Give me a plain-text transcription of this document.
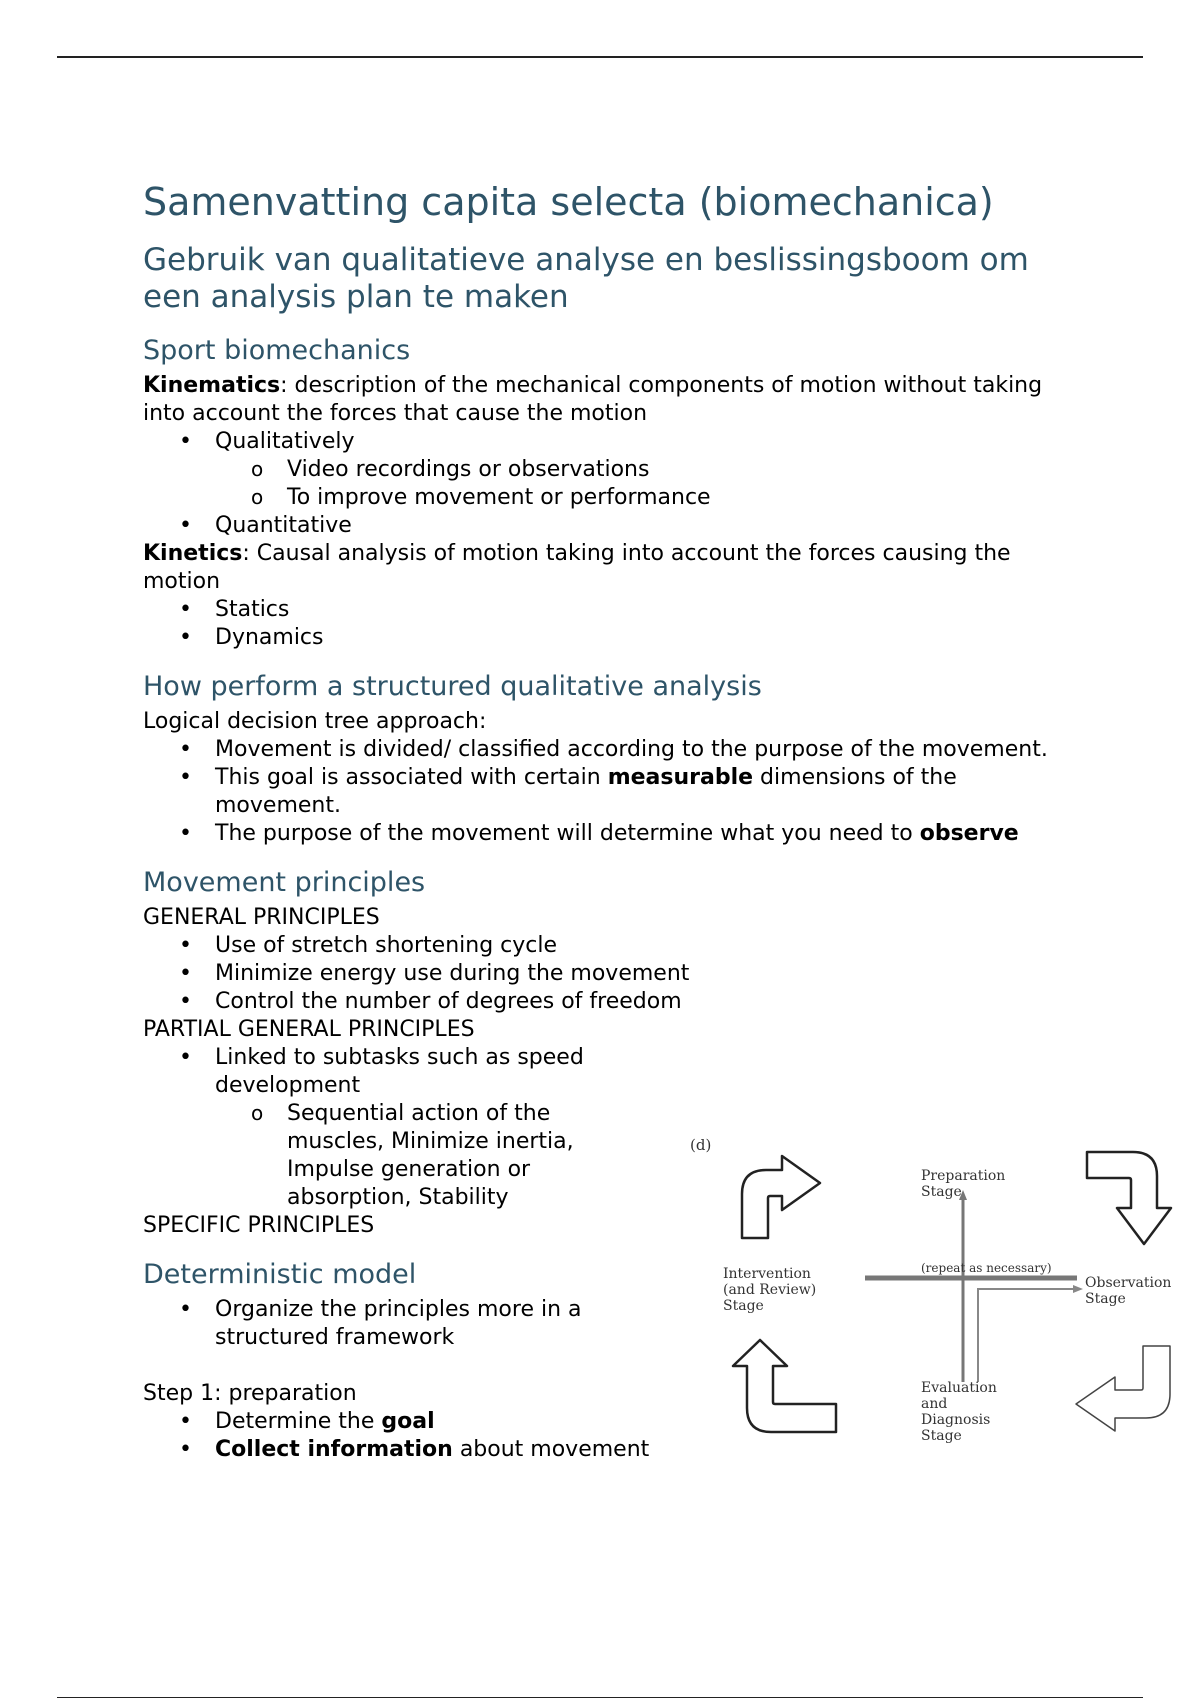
Samenvatting capita selecta (biomechanica)
Gebruik van qualitatieve analyse en beslissingsboom om een analysis plan te maken
Sport biomechanics

Kinematics: description of the mechanical components of motion without taking into account the forces that cause the motion

• Qualitatively
o Video recordings or observations
o To improve movement or performance
• Quantitative

Kinetics: Causal analysis of motion taking into account the forces causing the motion

• Statics
• Dynamics
How perform a structured qualitative analysis

Logical decision tree approach:

• Movement is divided/ classified according to the purpose of the movement.
• This goal is associated with certain measurable dimensions of the movement.
• The purpose of the movement will determine what you need to observe
Movement principles

GENERAL PRINCIPLES

• Use of stretch shortening cycle
• Minimize energy use during the movement
• Control the number of degrees of freedom

PARTIAL GENERAL PRINCIPLES

• Linked to subtasks such as speed development
o Sequential action of the muscles, Minimize inertia, Impulse generation or absorption, Stability

SPECIFIC PRINCIPLES

Deterministic model
• Organize the principles more in a structured framework

Step 1: preparation

• Determine the goal
• Collect information about movement
(d)
(repeat as necessary)
Preparation
Stage
Observation
Stage
Evaluation
and
Diagnosis
Stage
Intervention
(and Review)
Stage
